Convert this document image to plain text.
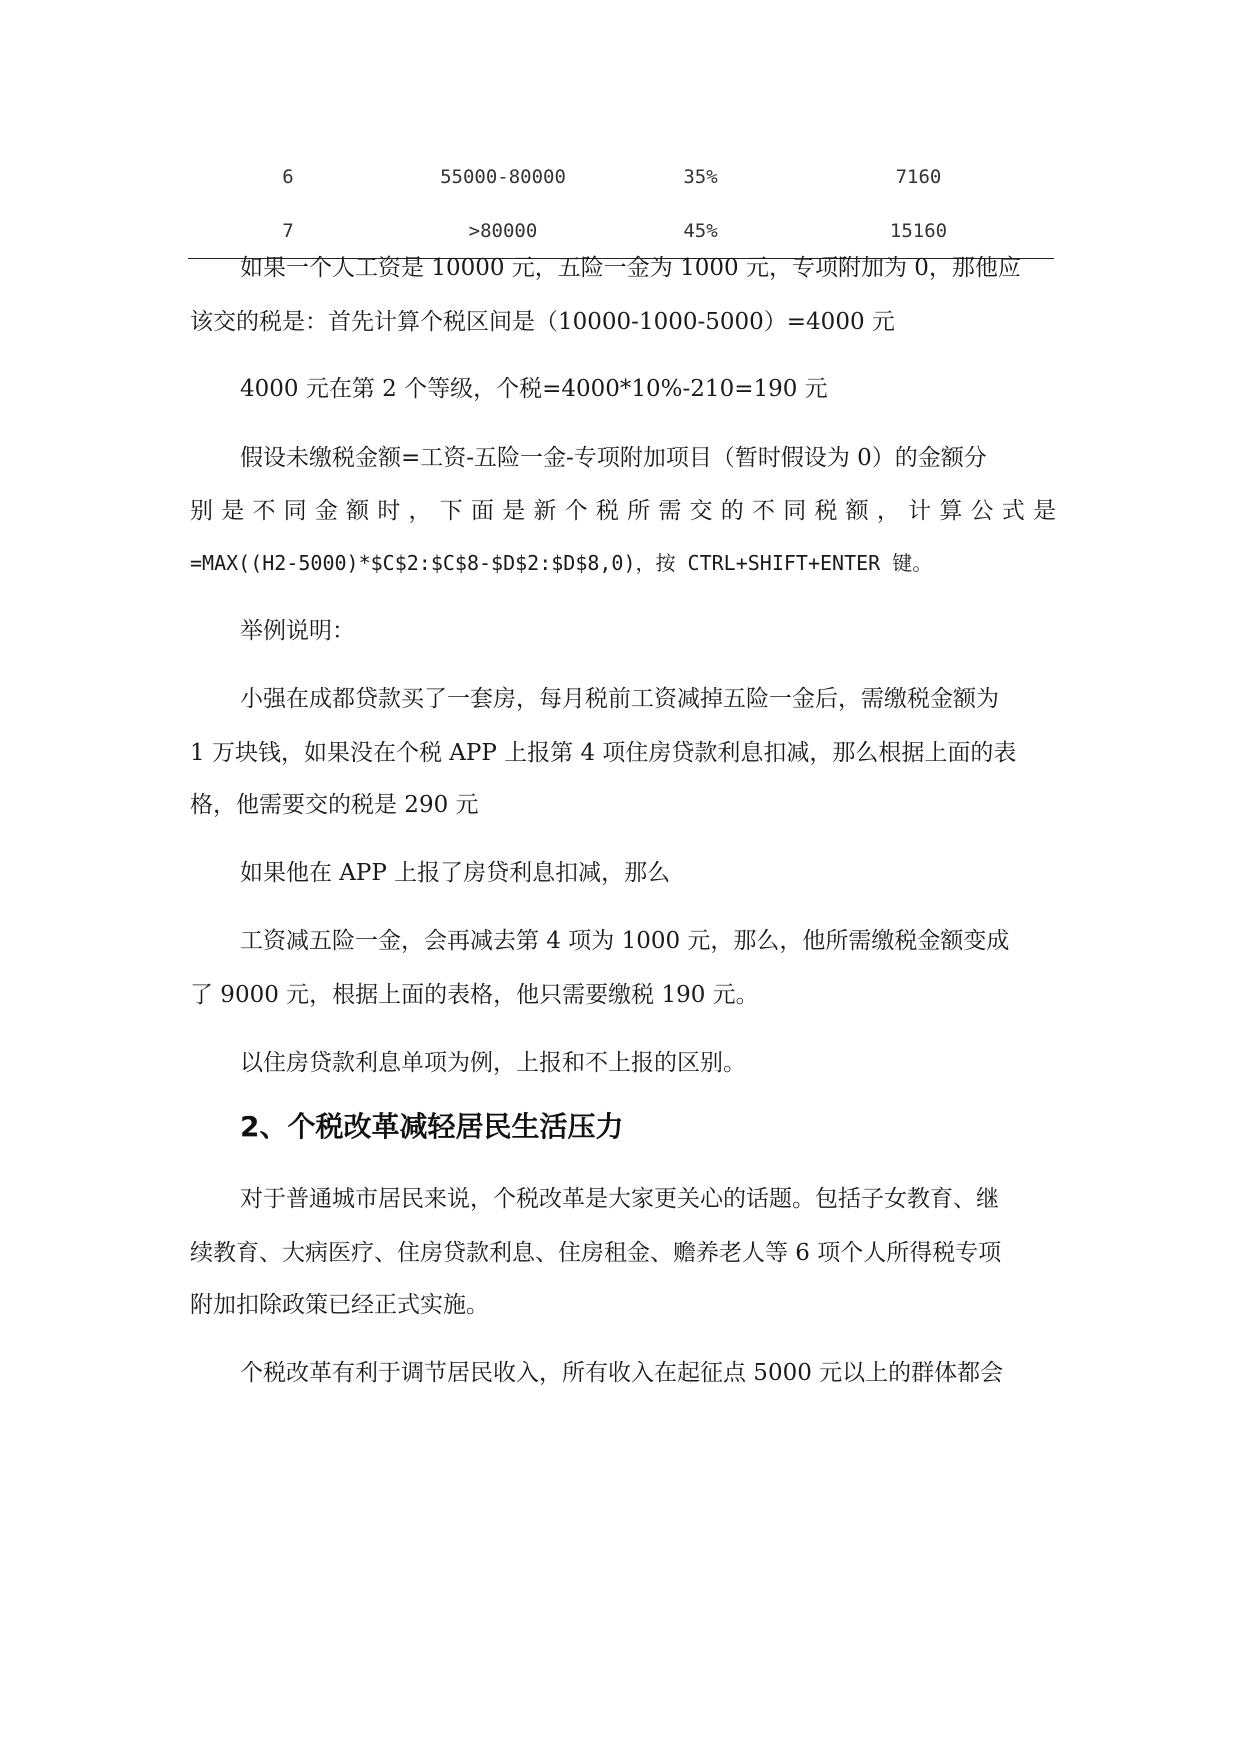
6	55000-80000	35%	7160
7	>80000	45%	15160

如果一个人工资是 10000 元，五险一金为 1000 元，专项附加为 0，那他应

该交的税是：首先计算个税区间是（10000-1000-5000）=4000 元

4000 元在第 2 个等级，个税=4000*10%-210=190 元

假设未缴税金额=工资-五险一金-专项附加项目（暂时假设为 0）的金额分

别是不同金额时，下面是新个税所需交的不同税额，计算公式是

=MAX((H2-5000)*$C$2:$C$8-$D$2:$D$8,0)，按 CTRL+SHIFT+ENTER 键。

举例说明：

小强在成都贷款买了一套房，每月税前工资减掉五险一金后，需缴税金额为

1 万块钱，如果没在个税 APP 上报第 4 项住房贷款利息扣减，那么根据上面的表

格，他需要交的税是 290 元

如果他在 APP 上报了房贷利息扣减，那么

工资减五险一金，会再减去第 4 项为 1000 元，那么，他所需缴税金额变成

了 9000 元，根据上面的表格，他只需要缴税 190 元。

以住房贷款利息单项为例，上报和不上报的区别。

2、个税改革减轻居民生活压力

对于普通城市居民来说，个税改革是大家更关心的话题。包括子女教育、继

续教育、大病医疗、住房贷款利息、住房租金、赡养老人等 6 项个人所得税专项

附加扣除政策已经正式实施。

个税改革有利于调节居民收入，所有收入在起征点 5000 元以上的群体都会
